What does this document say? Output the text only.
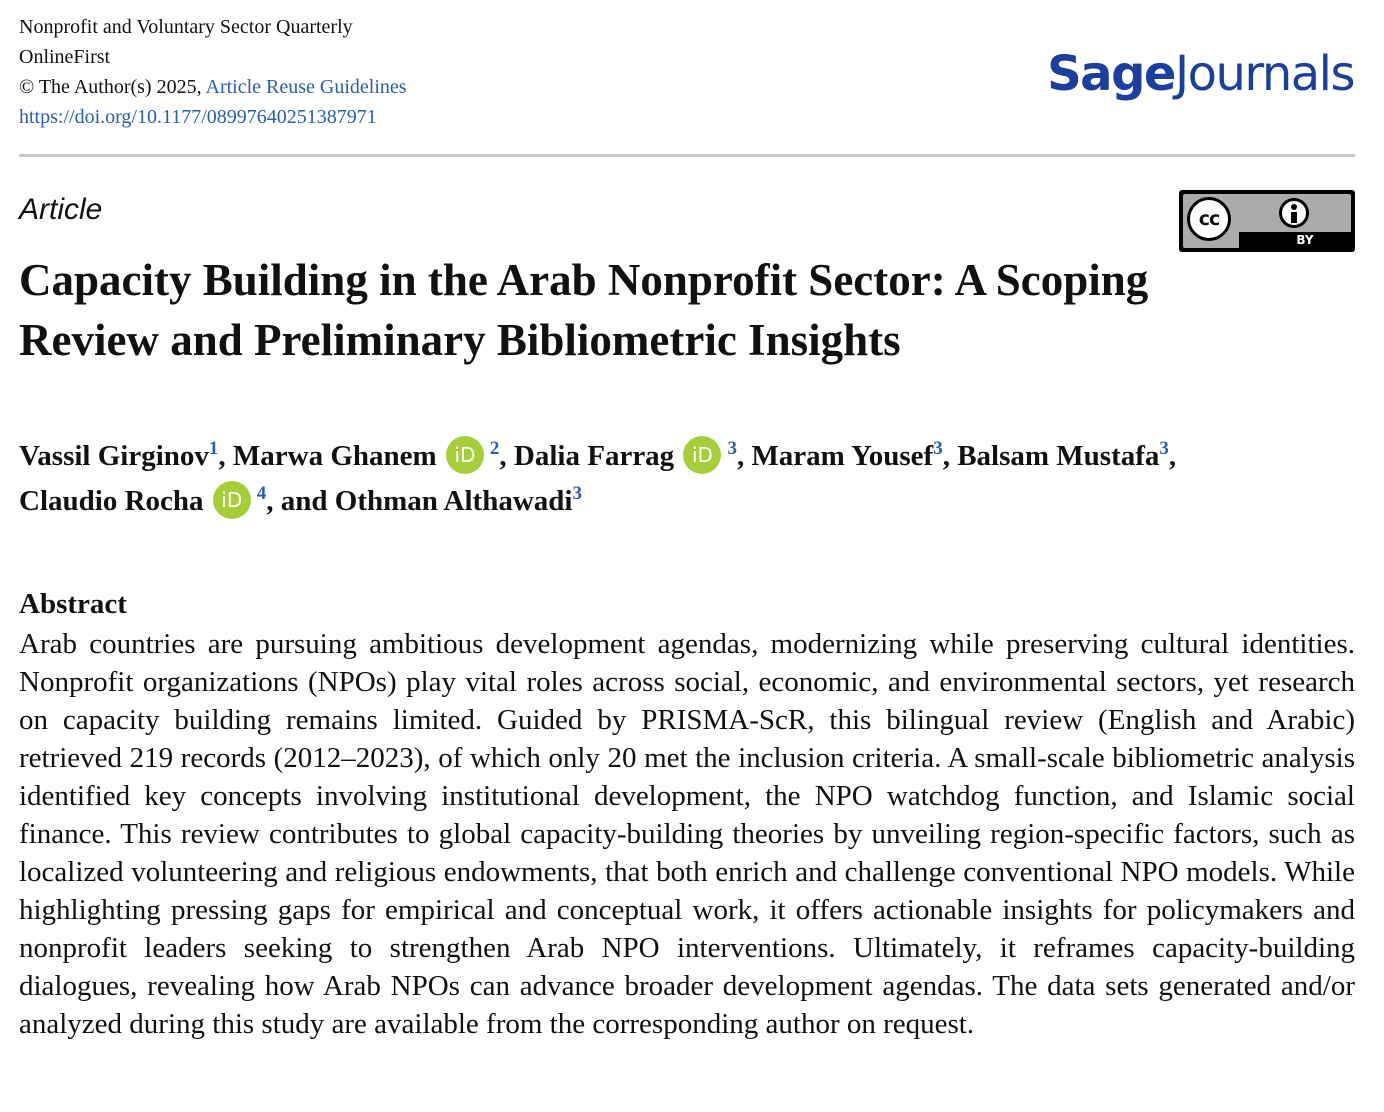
Nonprofit and Voluntary Sector Quarterly
OnlineFirst
© The Author(s) 2025, Article Reuse Guidelines
https://doi.org/10.1177/08997640251387971
SageJournals
Article	cc
BY
Capacity Building in the Arab Nonprofit Sector: A Scoping Review and Preliminary Bibliometric Insights
Vassil Girginov$^1$, Marwa Ghanem iD $^2$, Dalia Farrag iD $^3$, Maram Yousef$^3$, Balsam Mustafa$^3$,
Claudio Rocha iD $^4$, and Othman Althawadi$^3$
Abstract
Arab countries are pursuing ambitious development agendas, modernizing while preserving cultural identities. Nonprofit organizations (NPOs) play vital roles across social, economic, and environmental sectors, yet research on capacity building remains limited. Guided by PRISMA-ScR, this bilingual review (English and Arabic) retrieved 219 records (2012–2023), of which only 20 met the inclusion criteria. A small-scale bibliometric analysis identified key concepts involving institutional development, the NPO watchdog function, and Islamic social finance. This review contributes to global capacity-building theories by unveiling region-specific factors, such as localized volunteering and religious endowments, that both enrich and challenge conventional NPO models. While highlighting pressing gaps for empirical and conceptual work, it offers actionable insights for policymakers and nonprofit leaders seeking to strengthen Arab NPO interventions. Ultimately, it reframes capacity-building dialogues, revealing how Arab NPOs can advance broader development agendas. The data sets generated and/or analyzed during this study are available from the corresponding author on request.
